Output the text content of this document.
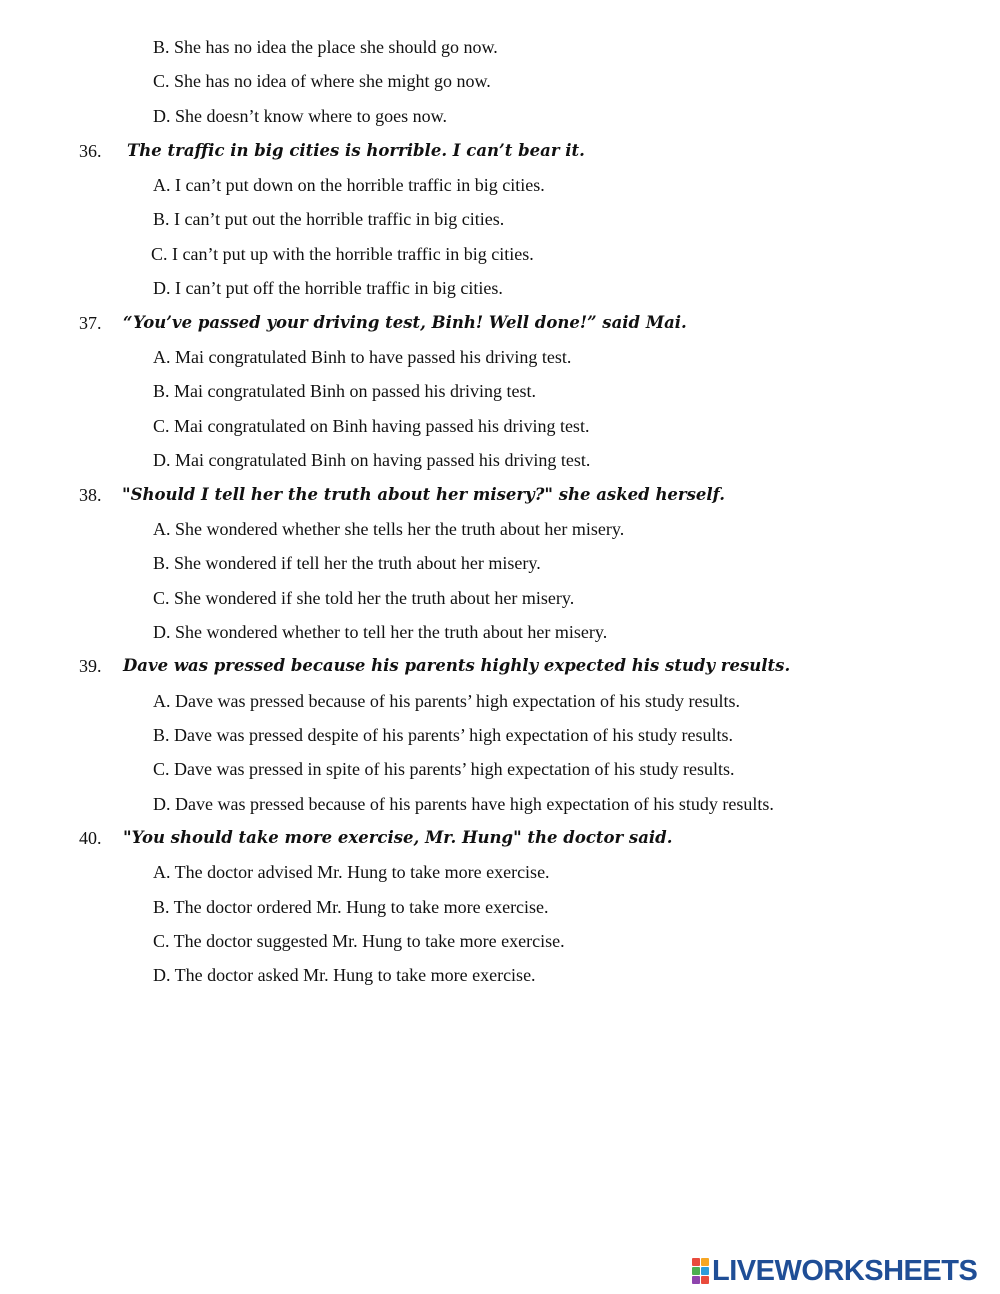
B. She has no idea the place she should go now.
C. She has no idea of where she might go now.
D. She doesn’t know where to goes now.
36. The traffic in big cities is horrible. I can’t bear it.
A. I can’t put down on the horrible traffic in big cities.
B. I can’t put out the horrible traffic in big cities.
C. I can’t put up with the horrible traffic in big cities.
D. I can’t put off the horrible traffic in big cities.
37. “You’ve passed your driving test, Binh! Well done!” said Mai.
A. Mai congratulated Binh to have passed his driving test.
B. Mai congratulated Binh on passed his driving test.
C. Mai congratulated on Binh having passed his driving test.
D. Mai congratulated Binh on having passed his driving test.
38. "Should I tell her the truth about her misery?" she asked herself.
A. She wondered whether she tells her the truth about her misery.
B. She wondered if tell her the truth about her misery.
C. She wondered if she told her the truth about her misery.
D. She wondered whether to tell her the truth about her misery.
39. Dave was pressed because his parents highly expected his study results.
A. Dave was pressed because of his parents’ high expectation of his study results.
B. Dave was pressed despite of his parents’ high expectation of his study results.
C. Dave was pressed in spite of his parents’ high expectation of his study results.
D. Dave was pressed because of his parents have high expectation of his study results.
40. "You should take more exercise, Mr. Hung" the doctor said.
A. The doctor advised Mr. Hung to take more exercise.
B. The doctor ordered Mr. Hung to take more exercise.
C. The doctor suggested Mr. Hung to take more exercise.
D. The doctor asked Mr. Hung to take more exercise.
LIVEWORKSHEETS
